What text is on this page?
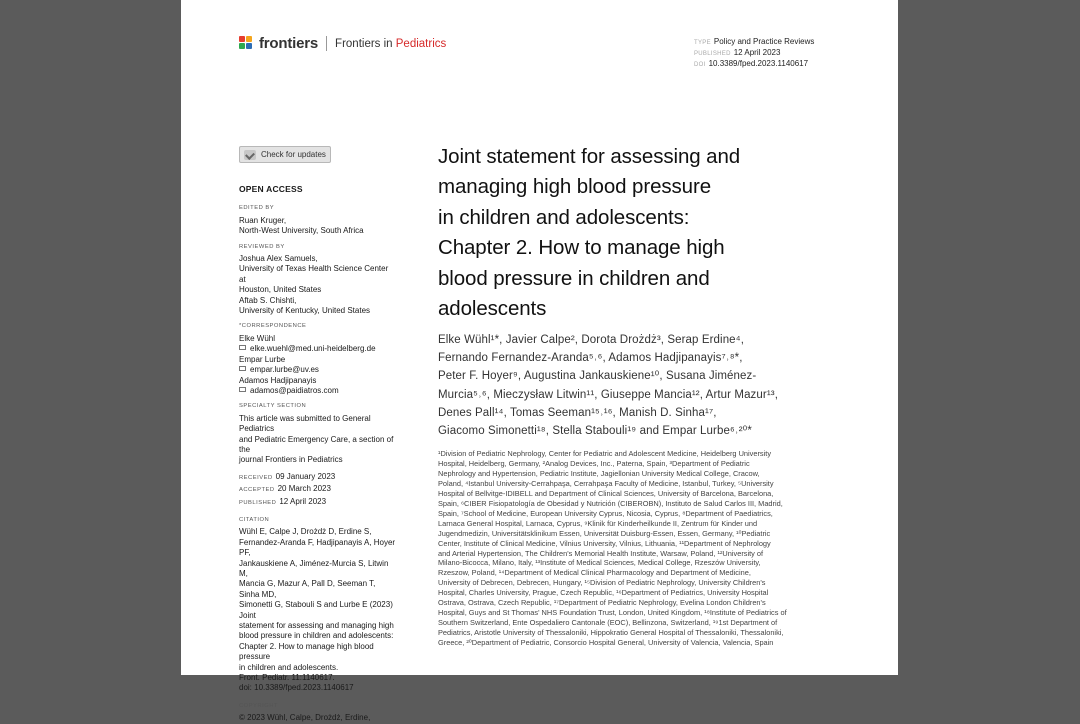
frontiers Frontiers in Pediatrics	TYPE Policy and Practice Reviews
PUBLISHED 12 April 2023
DOI 10.3389/fped.2023.1140617
Check for updates
OPEN ACCESS
EDITED BY
Ruan Kruger,
North-West University, South Africa
REVIEWED BY
Joshua Alex Samuels,
University of Texas Health Science Center at
Houston, United States
Aftab S. Chishti,
University of Kentucky, United States
*CORRESPONDENCE
Elke Wühl
elke.wuehl@med.uni-heidelberg.de
Empar Lurbe
empar.lurbe@uv.es
Adamos Hadjipanayis
adamos@paidiatros.com
SPECIALTY SECTION
This article was submitted to General Pediatrics
and Pediatric Emergency Care, a section of the
journal Frontiers in Pediatrics
RECEIVED 09 January 2023
ACCEPTED 20 March 2023
PUBLISHED 12 April 2023
CITATION
Wühl E, Calpe J, Drożdż D, Erdine S,
Fernandez-Aranda F, Hadjipanayis A, Hoyer PF,
Jankauskiene A, Jiménez-Murcia S, Litwin M,
Mancia G, Mazur A, Pall D, Seeman T, Sinha MD,
Simonetti G, Stabouli S and Lurbe E (2023) Joint
statement for assessing and managing high
blood pressure in children and adolescents:
Chapter 2. How to manage high blood pressure
in children and adolescents.
Front. Pediatr. 11:1140617.
doi: 10.3389/fped.2023.1140617
COPYRIGHT
© 2023 Wühl, Calpe, Drożdż, Erdine,
Joint statement for assessing and
managing high blood pressure
in children and adolescents:
Chapter 2. How to manage high
blood pressure in children and
adolescents
Elke Wühl¹*, Javier Calpe², Dorota Drożdż³, Serap Erdine⁴,
Fernando Fernandez-Aranda⁵˒⁶, Adamos Hadjipanayis⁷˒⁸*,
Peter F. Hoyer⁹, Augustina Jankauskiene¹⁰, Susana Jiménez-
Murcia⁵˒⁶, Mieczysław Litwin¹¹, Giuseppe Mancia¹², Artur Mazur¹³,
Denes Pall¹⁴, Tomas Seeman¹⁵˒¹⁶, Manish D. Sinha¹⁷,
Giacomo Simonetti¹⁸, Stella Stabouli¹⁹ and Empar Lurbe⁶˒²⁰*
¹Division of Pediatric Nephrology, Center for Pediatric and Adolescent Medicine, Heidelberg University
Hospital, Heidelberg, Germany, ²Analog Devices, Inc., Paterna, Spain, ³Department of Pediatric
Nephrology and Hypertension, Pediatric Institute, Jagiellonian University Medical College, Cracow,
Poland, ⁴Istanbul University-Cerrahpaşa, Cerrahpaşa Faculty of Medicine, Istanbul, Turkey, ⁵University
Hospital of Bellvitge-IDIBELL and Department of Clinical Sciences, University of Barcelona, Barcelona,
Spain, ⁶CIBER Fisiopatología de Obesidad y Nutrición (CIBEROBN), Instituto de Salud Carlos III, Madrid,
Spain, ⁷School of Medicine, European University Cyprus, Nicosia, Cyprus, ⁸Department of Paediatrics,
Larnaca General Hospital, Larnaca, Cyprus, ⁹Klinik für Kinderheilkunde II, Zentrum für Kinder und
Jugendmedizin, Universitätsklinikum Essen, Universität Duisburg-Essen, Essen, Germany, ¹⁰Pediatric
Center, Institute of Clinical Medicine, Vilnius University, Vilnius, Lithuania, ¹¹Department of Nephrology
and Arterial Hypertension, The Children's Memorial Health Institute, Warsaw, Poland, ¹²University of
Milano-Bicocca, Milano, Italy, ¹³Institute of Medical Sciences, Medical College, Rzeszów University,
Rzeszow, Poland, ¹⁴Department of Medical Clinical Pharmacology and Department of Medicine,
University of Debrecen, Debrecen, Hungary, ¹⁵Division of Pediatric Nephrology, University Children's
Hospital, Charles University, Prague, Czech Republic, ¹⁶Department of Pediatrics, University Hospital
Ostrava, Ostrava, Czech Republic, ¹⁷Department of Pediatric Nephrology, Evelina London Children's
Hospital, Guys and St Thomas' NHS Foundation Trust, London, United Kingdom, ¹⁸Institute of Pediatrics of
Southern Switzerland, Ente Ospedaliero Cantonale (EOC), Bellinzona, Switzerland, ¹⁹1st Department of
Pediatrics, Aristotle University of Thessaloniki, Hippokratio General Hospital of Thessaloniki, Thessaloniki,
Greece, ²⁰Department of Pediatric, Consorcio Hospital General, University of Valencia, Valencia, Spain
